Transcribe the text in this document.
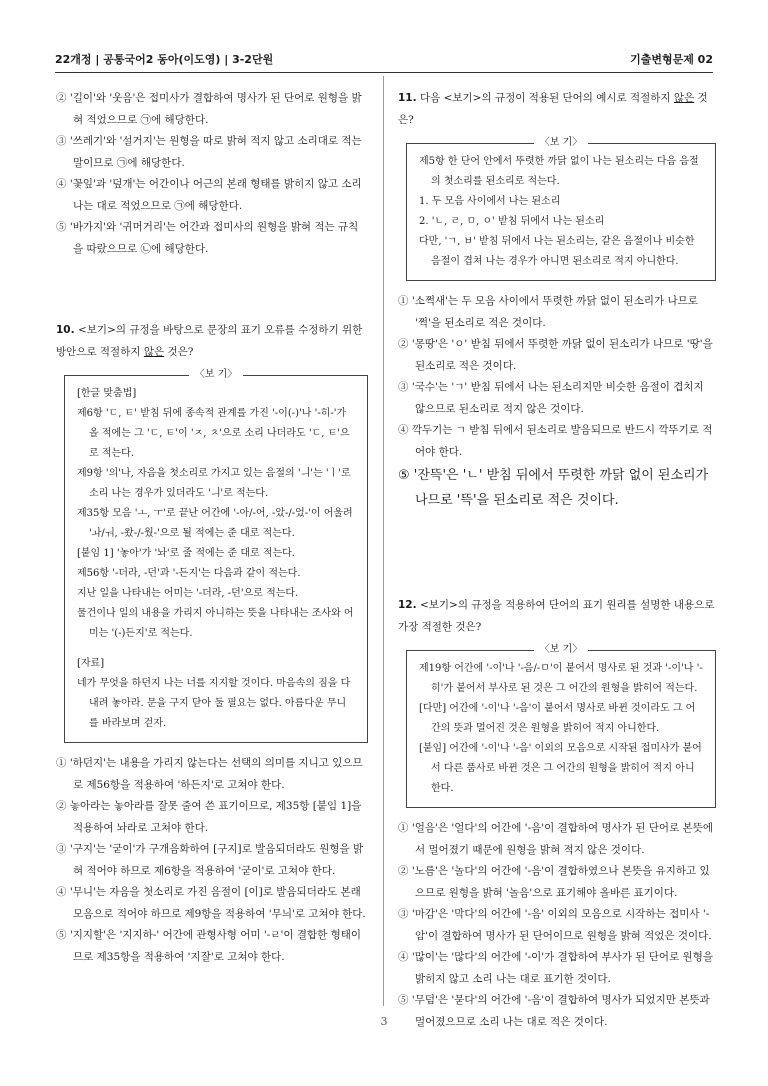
22개정 | 공통국어2 동아(이도영) | 3-2단원	기출변형문제 02
② '길이'와 '웃음'은 접미사가 결합하여 명사가 된 단어로 원형을 밝혀 적었으므로 ㉠에 해당한다.
③ '쓰레기'와 '설거지'는 원형을 따로 밝혀 적지 않고 소리대로 적는 말이므로 ㉠에 해당한다.
④ '꽃잎'과 '덮개'는 어간이나 어근의 본래 형태를 밝히지 않고 소리 나는 대로 적었으므로 ㉠에 해당한다.
⑤ '바가지'와 '귀머거리'는 어간과 접미사의 원형을 밝혀 적는 규칙을 따랐으므로 ㉡에 해당한다.
10. <보기>의 규정을 바탕으로 문장의 표기 오류를 수정하기 위한 방안으로 적절하지 않은 것은?
〈보 기〉
[한글 맞춤법]
제6항 'ㄷ, ㅌ' 받침 뒤에 종속적 관계를 가진 '-이(-)'나 '-히-'가 올 적에는 그 'ㄷ, ㅌ'이 'ㅈ, ㅊ'으로 소리 나더라도 'ㄷ, ㅌ'으로 적는다.
제9항 '의'나, 자음을 첫소리로 가지고 있는 음절의 'ㅢ'는 'ㅣ'로 소리 나는 경우가 있더라도 'ㅢ'로 적는다.
제35항 모음 'ㅗ, ㅜ'로 끝난 어간에 '-아/-어, -았-/-었-'이 어울려 'ㅘ/ㅝ, -왔-/-웠-'으로 될 적에는 준 대로 적는다.
[붙임 1] '놓아'가 '놔'로 줄 적에는 준 대로 적는다.
제56항 '-더라, -던'과 '-든지'는 다음과 같이 적는다.
지난 일을 나타내는 어미는 '-더라, -던'으로 적는다.
물건이나 일의 내용을 가리지 아니하는 뜻을 나타내는 조사와 어미는 '(-)든지'로 적는다.
[자료]
네가 무엇을 하던지 나는 너를 지지할 것이다. 마음속의 짐을 다 내려 놓아라. 문을 구지 닫아 둘 필요는 없다. 아름다운 무니를 바라보며 걷자.
① '하던지'는 내용을 가리지 않는다는 선택의 의미를 지니고 있으므로 제56항을 적용하여 '하든지'로 고쳐야 한다.
② 놓아라는 놓아라를 잘못 줄여 쓴 표기이므로, 제35항 [붙임 1]을 적용하여 놔라로 고쳐야 한다.
③ '구지'는 '굳이'가 구개음화하여 [구지]로 발음되더라도 원형을 밝혀 적어야 하므로 제6항을 적용하여 '굳이'로 고쳐야 한다.
④ '무니'는 자음을 첫소리로 가진 음절이 [이]로 발음되더라도 본래 모음으로 적어야 하므로 제9항을 적용하여 '무늬'로 고쳐야 한다.
⑤ '지지할'은 '지지하-' 어간에 관형사형 어미 '-ㄹ'이 결합한 형태이므로 제35항을 적용하여 '지잘'로 고쳐야 한다.
11. 다음 <보기>의 규정이 적용된 단어의 예시로 적절하지 않은 것은?
〈보 기〉
제5항 한 단어 안에서 뚜렷한 까닭 없이 나는 된소리는 다음 음절의 첫소리를 된소리로 적는다.
1. 두 모음 사이에서 나는 된소리
2. 'ㄴ, ㄹ, ㅁ, ㅇ' 받침 뒤에서 나는 된소리
다만, 'ㄱ, ㅂ' 받침 뒤에서 나는 된소리는, 같은 음절이나 비슷한 음절이 겹쳐 나는 경우가 아니면 된소리로 적지 아니한다.
① '소쩍새'는 두 모음 사이에서 뚜렷한 까닭 없이 된소리가 나므로 '쩍'을 된소리로 적은 것이다.
② '몽땅'은 'ㅇ' 받침 뒤에서 뚜렷한 까닭 없이 된소리가 나므로 '땅'을 된소리로 적은 것이다.
③ '국수'는 'ㄱ' 받침 뒤에서 나는 된소리지만 비슷한 음절이 겹치지 않으므로 된소리로 적지 않은 것이다.
④ 깍두기는 ㄱ 받침 뒤에서 된소리로 발음되므로 반드시 깍뚜기로 적어야 한다.
⑤ '잔뜩'은 'ㄴ' 받침 뒤에서 뚜렷한 까닭 없이 된소리가 나므로 '뜩'을 된소리로 적은 것이다.
12. <보기>의 규정을 적용하여 단어의 표기 원리를 설명한 내용으로 가장 적절한 것은?
〈보 기〉
제19항 어간에 '-이'나 '-음/-ㅁ'이 붙어서 명사로 된 것과 '-이'나 '-히'가 붙어서 부사로 된 것은 그 어간의 원형을 밝히어 적는다.
[다만] 어간에 '-이'나 '-음'이 붙어서 명사로 바뀐 것이라도 그 어간의 뜻과 멀어진 것은 원형을 밝히어 적지 아니한다.
[붙임] 어간에 '-이'나 '-음' 이외의 모음으로 시작된 접미사가 붙어서 다른 품사로 바뀐 것은 그 어간의 원형을 밝히어 적지 아니한다.
① '얼음'은 '얼다'의 어간에 '-음'이 결합하여 명사가 된 단어로 본뜻에서 멀어졌기 때문에 원형을 밝혀 적지 않은 것이다.
② '노름'은 '놀다'의 어간에 '-음'이 결합하였으나 본뜻을 유지하고 있으므로 원형을 밝혀 '놀음'으로 표기해야 올바른 표기이다.
③ '마감'은 '막다'의 어간에 '-음' 이외의 모음으로 시작하는 접미사 '-암'이 결합하여 명사가 된 단어이므로 원형을 밝혀 적었은 것이다.
④ '많이'는 '많다'의 어간에 '-이'가 결합하여 부사가 된 단어로 원형을 밝히지 않고 소리 나는 대로 표기한 것이다.
⑤ '무덤'은 '묻다'의 어간에 '-음'이 결합하여 명사가 되었지만 본뜻과 멀어졌으므로 소리 나는 대로 적은 것이다.
3
